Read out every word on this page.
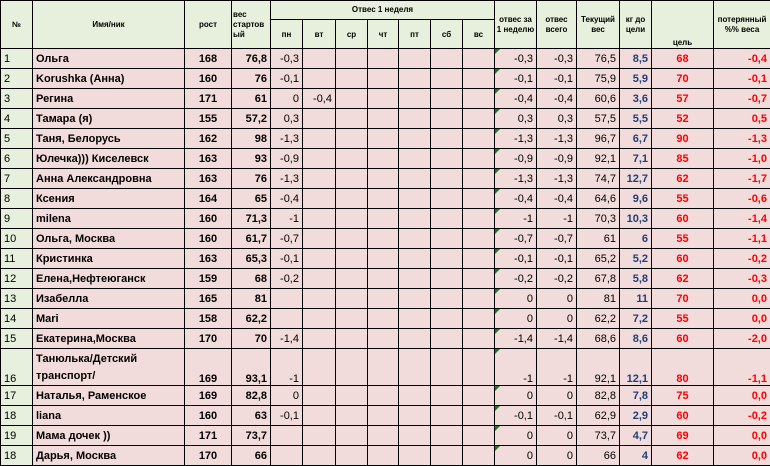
№	Имя/ник	рост	вес стартов ый	Отвес 1 неделя							отвес за 1 неделю	отвес всего	Текущий вес	кг до цели	цель	потерянный %% веса
				пн	вт	ср	чт	пт	сб	вс						
1	Ольга	168	76,8	-0,3							-0,3	-0,3	76,5	8,5	68	-0,4
2	Korushka (Анна)	160	76	-0,1							-0,1	-0,1	75,9	5,9	70	-0,1
3	Регина	171	61	0	-0,4						-0,4	-0,4	60,6	3,6	57	-0,7
4	Тамара (я)	155	57,2	0,3							0,3	0,3	57,5	5,5	52	0,5
5	Таня, Белорусь	162	98	-1,3							-1,3	-1,3	96,7	6,7	90	-1,3
6	Юлечка))) Киселевск	163	93	-0,9							-0,9	-0,9	92,1	7,1	85	-1,0
7	Анна Александровна	163	76	-1,3							-1,3	-1,3	74,7	12,7	62	-1,7
8	Ксения	164	65	-0,4							-0,4	-0,4	64,6	9,6	55	-0,6
9	milena	160	71,3	-1							-1	-1	70,3	10,3	60	-1,4
10	Ольга, Москва	160	61,7	-0,7							-0,7	-0,7	61	6	55	-1,1
11	Кристинка	163	65,3	-0,1							-0,1	-0,1	65,2	5,2	60	-0,2
12	Елена,Нефтеюганск	159	68	-0,2							-0,2	-0,2	67,8	5,8	62	-0,3
13	Изабелла	165	81								0	0	81	11	70	0,0
14	Mari	158	62,2								0	0	62,2	7,2	55	0,0
15	Екатерина,Москва	170	70	-1,4							-1,4	-1,4	68,6	8,6	60	-2,0
16	Танюлька/Детский транспорт/	169	93,1	-1							-1	-1	92,1	12,1	80	-1,1
17	Наталья, Раменское	169	82,8	0							0	0	82,8	7,8	75	0,0
18	liana	160	63	-0,1							-0,1	-0,1	62,9	2,9	60	-0,2
19	Мама дочек ))	171	73,7								0	0	73,7	4,7	69	0,0
18	Дарья, Москва	170	66								0	0	66	4	62	0,0
